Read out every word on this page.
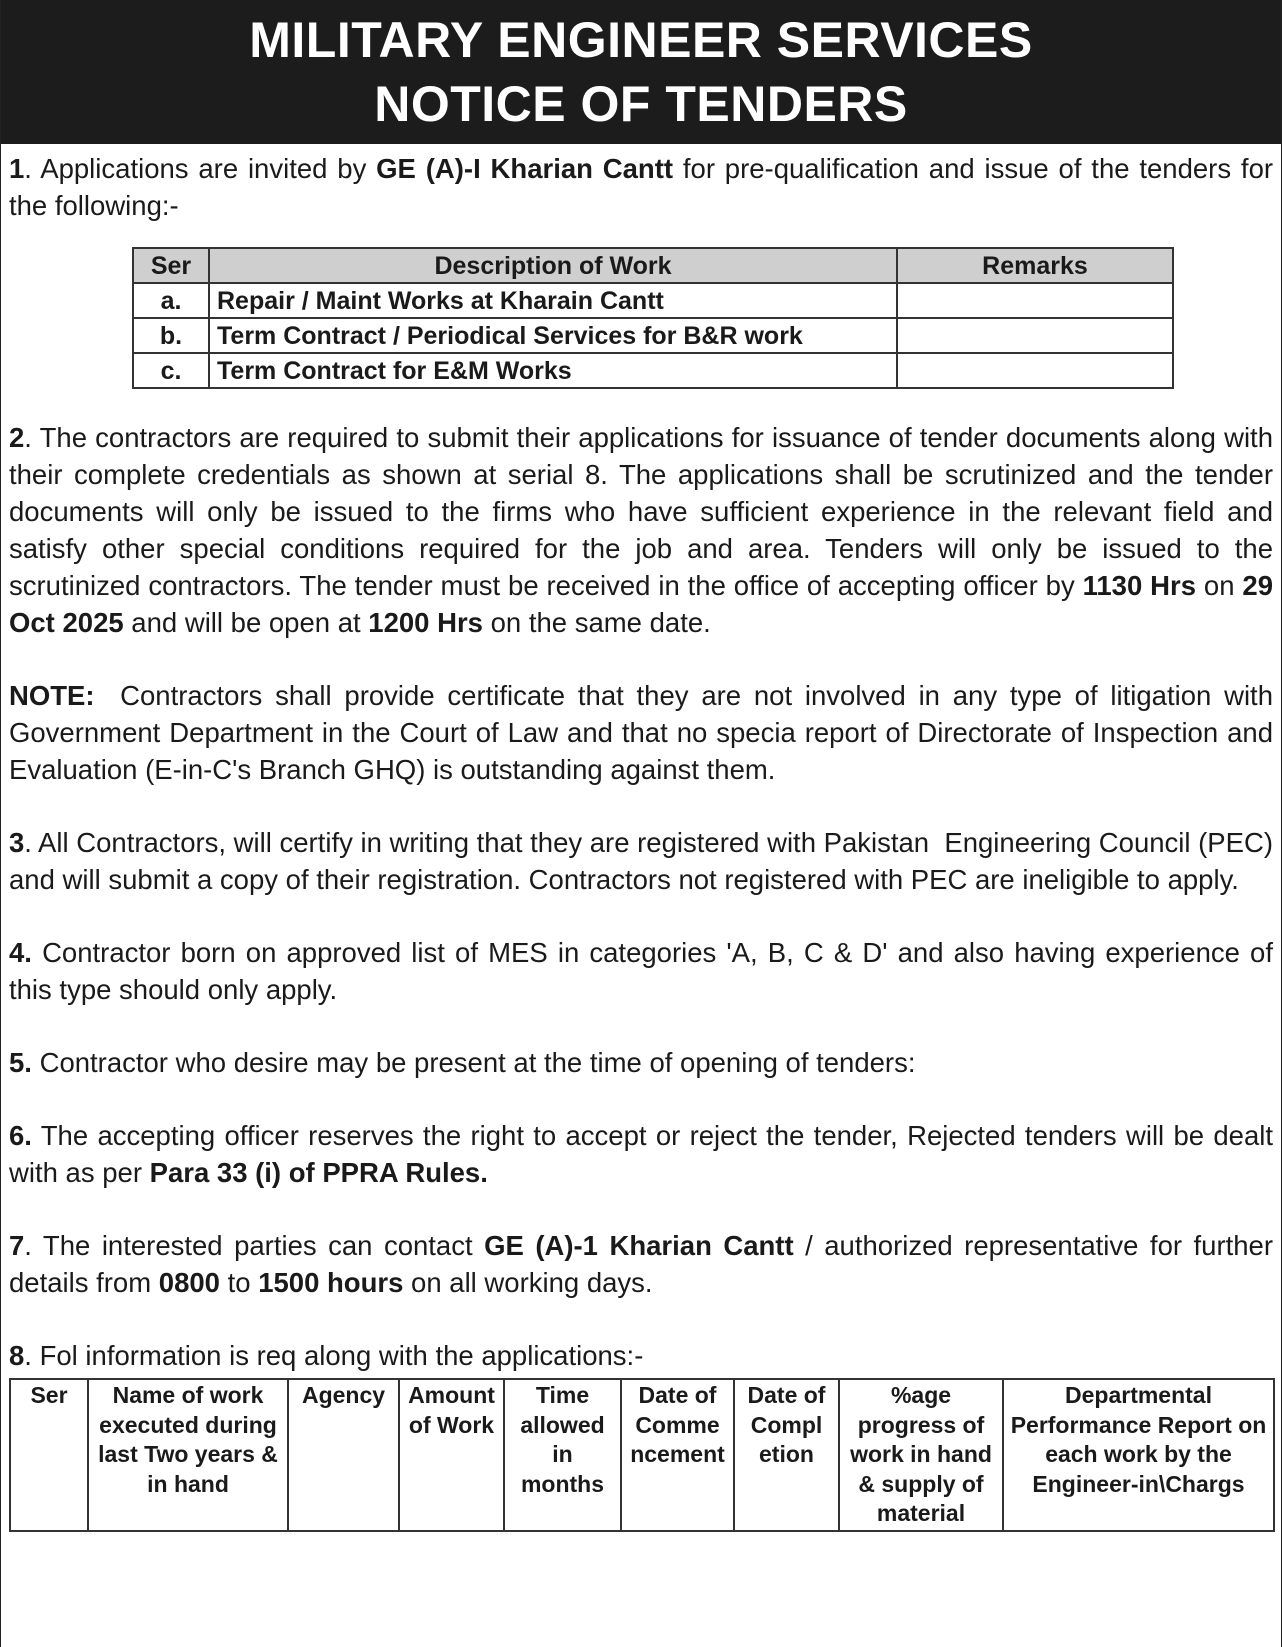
MILITARY ENGINEER SERVICES
NOTICE OF TENDERS

1. Applications are invited by GE (A)-I Kharian Cantt for pre-qualification and issue of the tenders for the following:-

Ser	Description of Work	Remarks
a.	Repair / Maint Works at Kharain Cantt	
b.	Term Contract / Periodical Services for B&R work	
c.	Term Contract for E&M Works	

2. The contractors are required to submit their applications for issuance of tender documents along with their complete credentials as shown at serial 8. The applications shall be scrutinized and the tender documents will only be issued to the firms who have sufficient experience in the relevant field and satisfy other special conditions required for the job and area. Tenders will only be issued to the scrutinized contractors. The tender must be received in the office of accepting officer by 1130 Hrs on 29 Oct 2025 and will be open at 1200 Hrs on the same date.

NOTE:  Contractors shall provide certificate that they are not involved in any type of litigation with Government Department in the Court of Law and that no specia report of Directorate of Inspection and Evaluation (E-in-C's Branch GHQ) is outstanding against them.

3. All Contractors, will certify in writing that they are registered with Pakistan  Engineering Council (PEC) and will submit a copy of their registration. Contractors not registered with PEC are ineligible to apply.

4. Contractor born on approved list of MES in categories 'A, B, C & D' and also having experience of this type should only apply.

5. Contractor who desire may be present at the time of opening of tenders:

6. The accepting officer reserves the right to accept or reject the tender, Rejected tenders will be dealt with as per Para 33 (i) of PPRA Rules.

7. The interested parties can contact GE (A)-1 Kharian Cantt / authorized representative for further details from 0800 to 1500 hours on all working days.

8. Fol information is req along with the applications:-

Ser	Name of work executed during last Two years & in hand	Agency	Amount of Work	Time allowed in months	Date of Comme ncement	Date of Compl etion	%age progress of work in hand & supply of material	Departmental Performance Report on each work by the Engineer-in\Chargs
